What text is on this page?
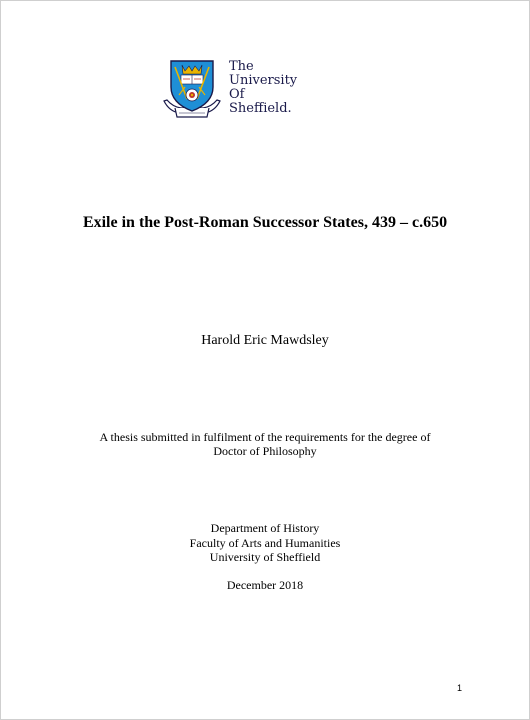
The
University
Of
Sheffield.
Exile in the Post-Roman Successor States, 439 – c.650
Harold Eric Mawdsley
A thesis submitted in fulfilment of the requirements for the degree of
Doctor of Philosophy
Department of History
Faculty of Arts and Humanities
University of Sheffield
December 2018
1
